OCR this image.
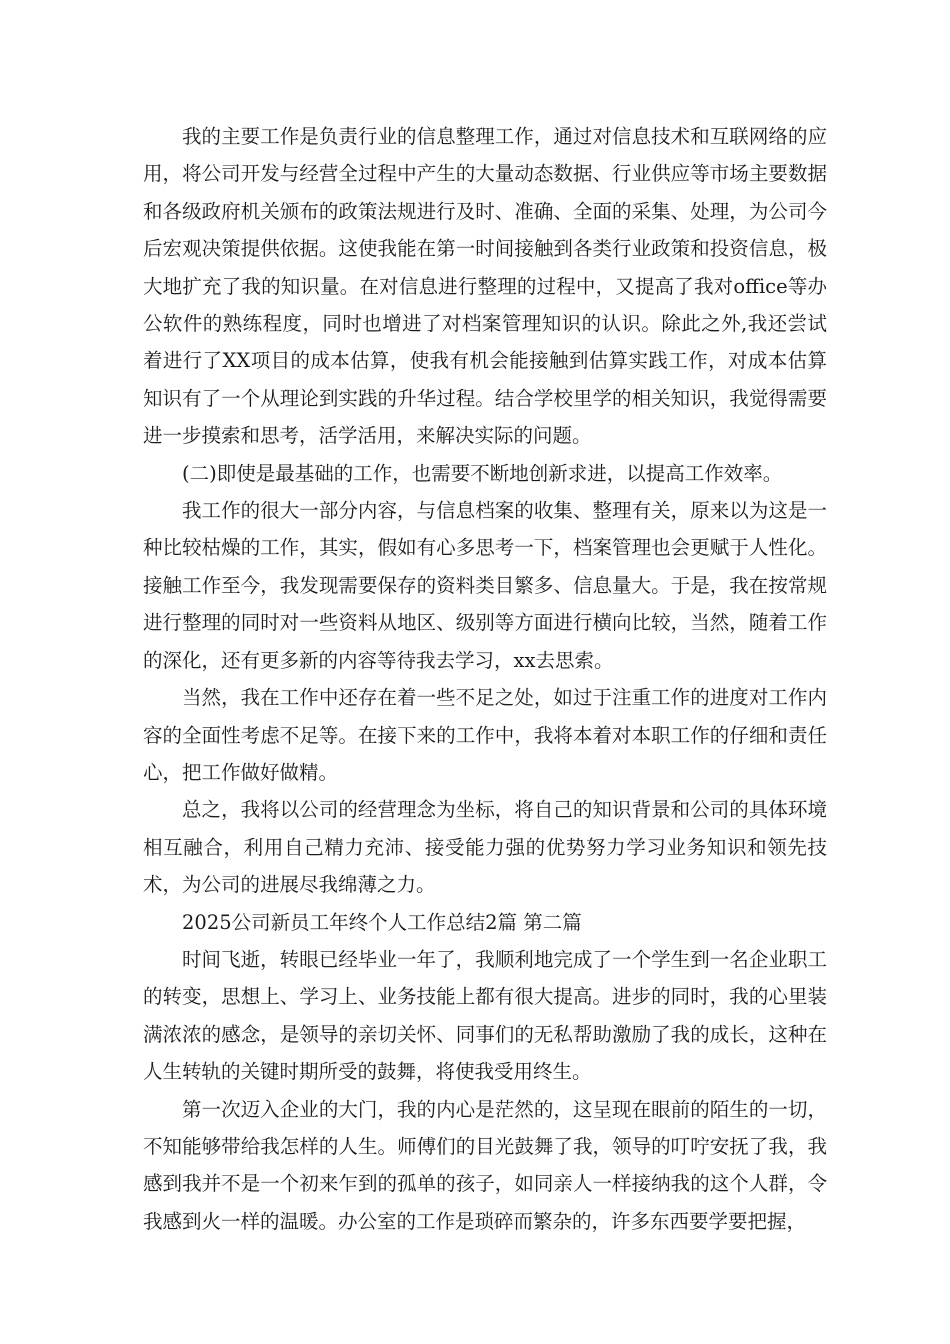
我的主要工作是负责行业的信息整理工作，通过对信息技术和互联网络的应用，将公司开发与经营全过程中产生的大量动态数据、行业供应等市场主要数据和各级政府机关颁布的政策法规进行及时、准确、全面的采集、处理，为公司今后宏观决策提供依据。这使我能在第一时间接触到各类行业政策和投资信息，极大地扩充了我的知识量。在对信息进行整理的过程中，又提高了我对office等办公软件的熟练程度，同时也增进了对档案管理知识的认识。除此之外,我还尝试着进行了XX项目的成本估算，使我有机会能接触到估算实践工作，对成本估算知识有了一个从理论到实践的升华过程。结合学校里学的相关知识，我觉得需要进一步摸索和思考，活学活用，来解决实际的问题。

(二)即使是最基础的工作，也需要不断地创新求进，以提高工作效率。

我工作的很大一部分内容，与信息档案的收集、整理有关，原来以为这是一种比较枯燥的工作，其实，假如有心多思考一下，档案管理也会更赋于人性化。接触工作至今，我发现需要保存的资料类目繁多、信息量大。于是，我在按常规进行整理的同时对一些资料从地区、级别等方面进行横向比较，当然，随着工作的深化，还有更多新的内容等待我去学习，xx去思索。

当然，我在工作中还存在着一些不足之处，如过于注重工作的进度对工作内容的全面性考虑不足等。在接下来的工作中，我将本着对本职工作的仔细和责任心，把工作做好做精。

总之，我将以公司的经营理念为坐标，将自己的知识背景和公司的具体环境相互融合，利用自己精力充沛、接受能力强的优势努力学习业务知识和领先技术，为公司的进展尽我绵薄之力。

2025公司新员工年终个人工作总结2篇 第二篇

时间飞逝，转眼已经毕业一年了，我顺利地完成了一个学生到一名企业职工的转变，思想上、学习上、业务技能上都有很大提高。进步的同时，我的心里装满浓浓的感念，是领导的亲切关怀、同事们的无私帮助激励了我的成长，这种在人生转轨的关键时期所受的鼓舞，将使我受用终生。

第一次迈入企业的大门，我的内心是茫然的，这呈现在眼前的陌生的一切，不知能够带给我怎样的人生。师傅们的目光鼓舞了我，领导的叮咛安抚了我，我感到我并不是一个初来乍到的孤单的孩子，如同亲人一样接纳我的这个人群，令我感到火一样的温暖。办公室的工作是琐碎而繁杂的，许多东西要学要把握，
